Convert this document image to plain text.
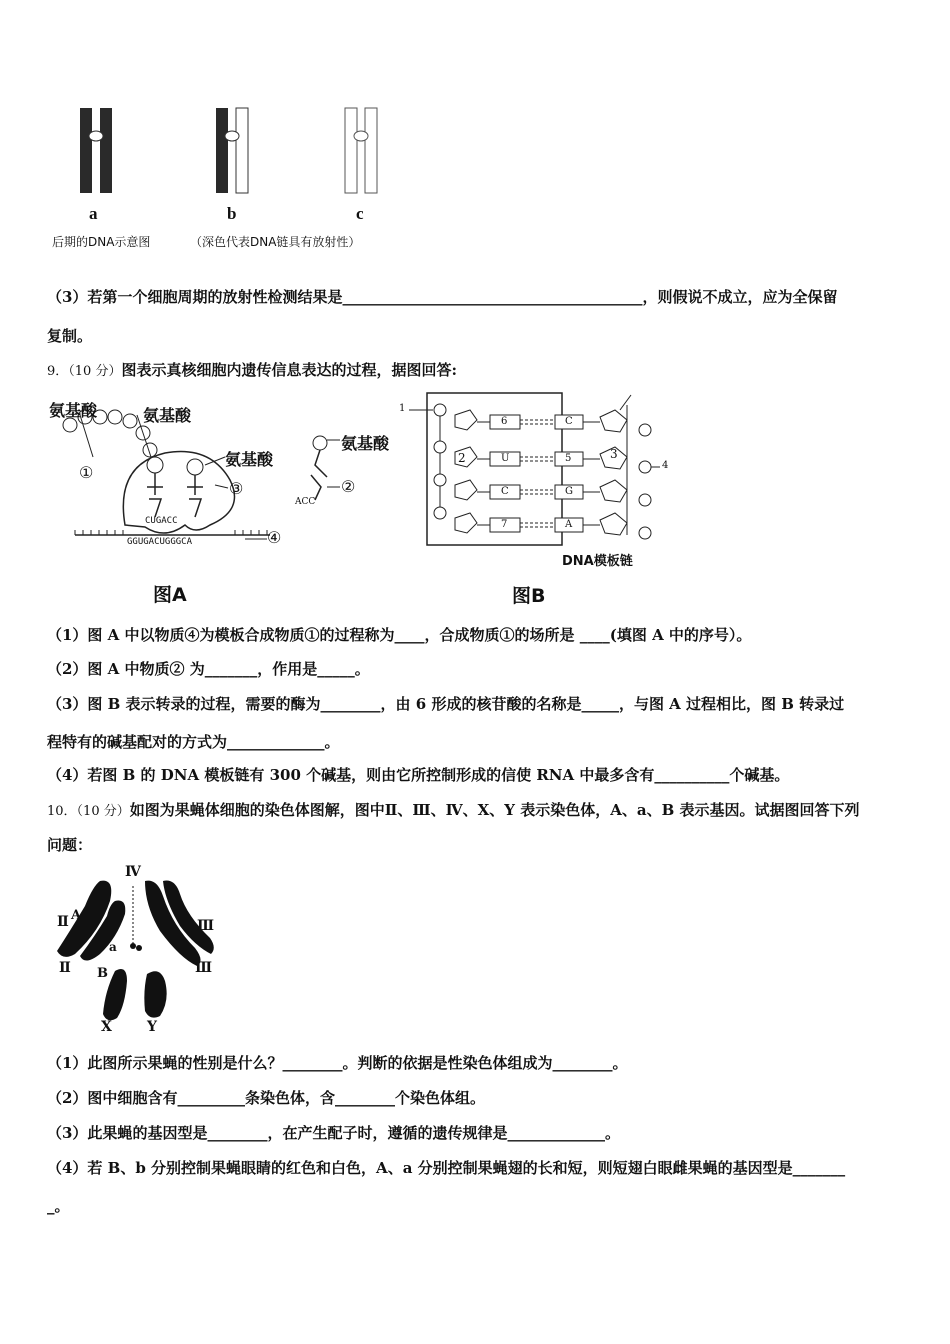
a	b	c
后期的DNA示意图	（深色代表DNA链具有放射性）
（3）若第一个细胞周期的放射性检测结果是________________________________________，则假说不成立，应为全保留
复制。
9．（10 分）图表示真核细胞内遗传信息表达的过程，据图回答:
氨基酸	氨基酸
氨基酸
氨基酸
①
②
③
④
CUGACC
GGUGACUGGGCA
ACC
图A
1
2	3
4
6
U
C
7
C
5
G
A
DNA模板链
图B
（1）图 A 中以物质④为模板合成物质①的过程称为____，合成物质①的场所是 ____(填图 A 中的序号）。
（2）图 A 中物质② 为_______，作用是_____。
（3）图 B 表示转录的过程，需要的酶为________，由 6 形成的核苷酸的名称是_____，与图 A 过程相比，图 B 转录过
程特有的碱基配对的方式为_____________。
（4）若图 B 的 DNA 模板链有 300 个碱基，则由它所控制形成的信使 RNA 中最多含有__________个碱基。
10．（10 分）如图为果蝇体细胞的染色体图解，图中Ⅱ、Ⅲ、Ⅳ、X、Y 表示染色体，A、a、B 表示基因。试据图回答下列
问题：
Ⅳ
Ⅱ
Ⅱ
Ⅲ
Ⅲ
A
a
B
X	Y
（1）此图所示果蝇的性别是什么？________。判断的依据是性染色体组成为________。
（2）图中细胞含有_________条染色体，含________个染色体组。
（3）此果蝇的基因型是________，在产生配子时，遵循的遗传规律是_____________。
（4）若 B、b 分别控制果蝇眼睛的红色和白色，A、a 分别控制果蝇翅的长和短，则短翅白眼雌果蝇的基因型是_______
_。
